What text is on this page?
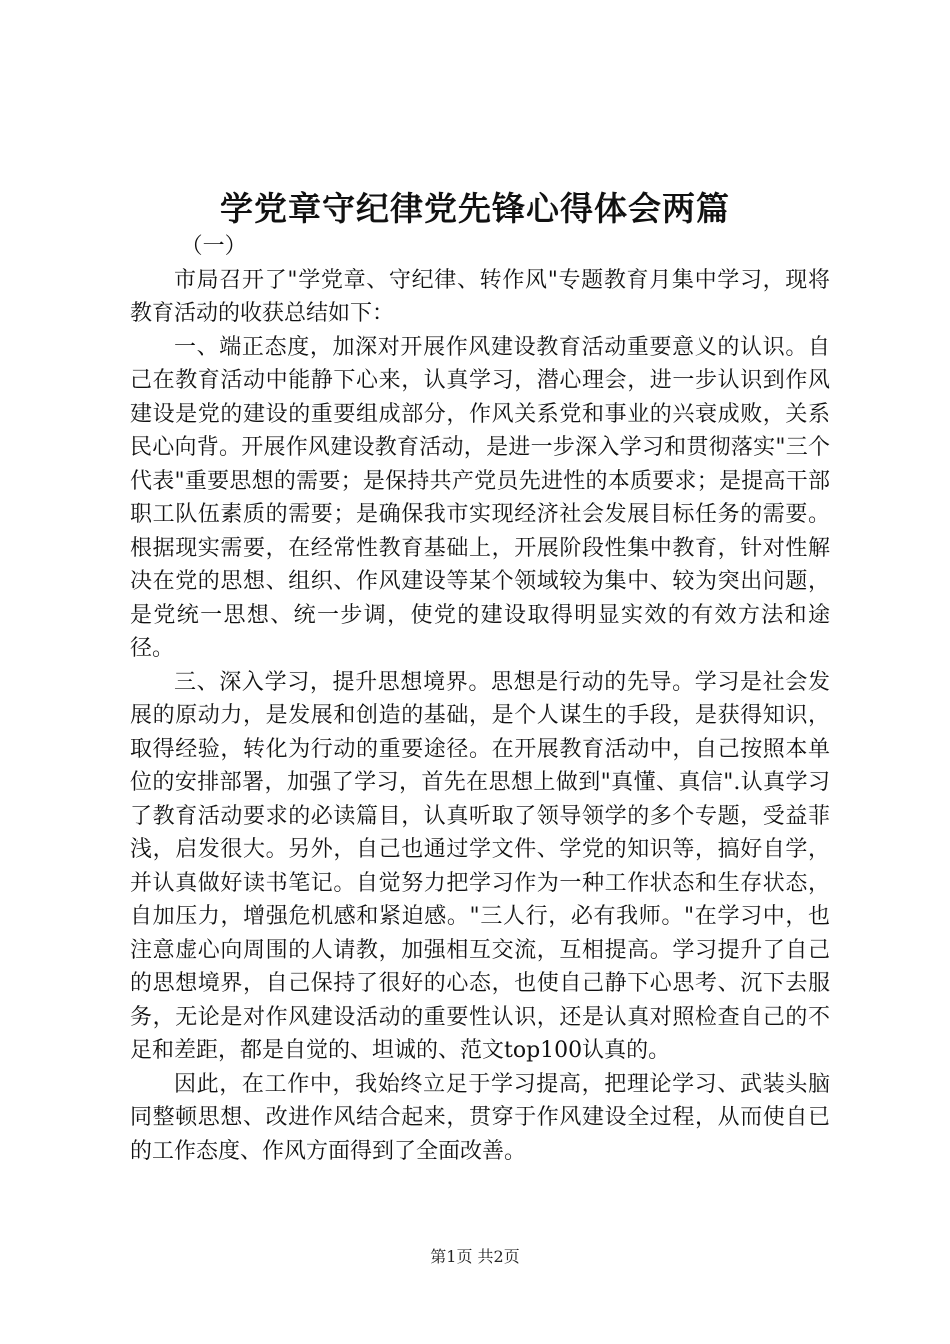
学党章守纪律党先锋心得体会两篇

（一）

市局召开了"学党章、守纪律、转作风"专题教育月集中学习，现将教育活动的收获总结如下：

一、端正态度，加深对开展作风建设教育活动重要意义的认识。自己在教育活动中能静下心来，认真学习，潜心理会，进一步认识到作风建设是党的建设的重要组成部分，作风关系党和事业的兴衰成败，关系民心向背。开展作风建设教育活动，是进一步深入学习和贯彻落实"三个代表"重要思想的需要；是保持共产党员先进性的本质要求；是提高干部职工队伍素质的需要；是确保我市实现经济社会发展目标任务的需要。根据现实需要，在经常性教育基础上，开展阶段性集中教育，针对性解决在党的思想、组织、作风建设等某个领域较为集中、较为突出问题，是党统一思想、统一步调，使党的建设取得明显实效的有效方法和途径。

三、深入学习，提升思想境界。思想是行动的先导。学习是社会发展的原动力，是发展和创造的基础，是个人谋生的手段，是获得知识，取得经验，转化为行动的重要途径。在开展教育活动中，自己按照本单位的安排部署，加强了学习，首先在思想上做到"真懂、真信".认真学习了教育活动要求的必读篇目，认真听取了领导领学的多个专题，受益菲浅，启发很大。另外，自己也通过学文件、学党的知识等，搞好自学，并认真做好读书笔记。自觉努力把学习作为一种工作状态和生存状态，自加压力，增强危机感和紧迫感。"三人行，必有我师。"在学习中，也注意虚心向周围的人请教，加强相互交流，互相提高。学习提升了自己的思想境界，自己保持了很好的心态，也使自己静下心思考、沉下去服务，无论是对作风建设活动的重要性认识，还是认真对照检查自己的不足和差距，都是自觉的、坦诚的、范文top100认真的。

因此，在工作中，我始终立足于学习提高，把理论学习、武装头脑同整顿思想、改进作风结合起来，贯穿于作风建设全过程，从而使自已的工作态度、作风方面得到了全面改善。

第1页 共2页
